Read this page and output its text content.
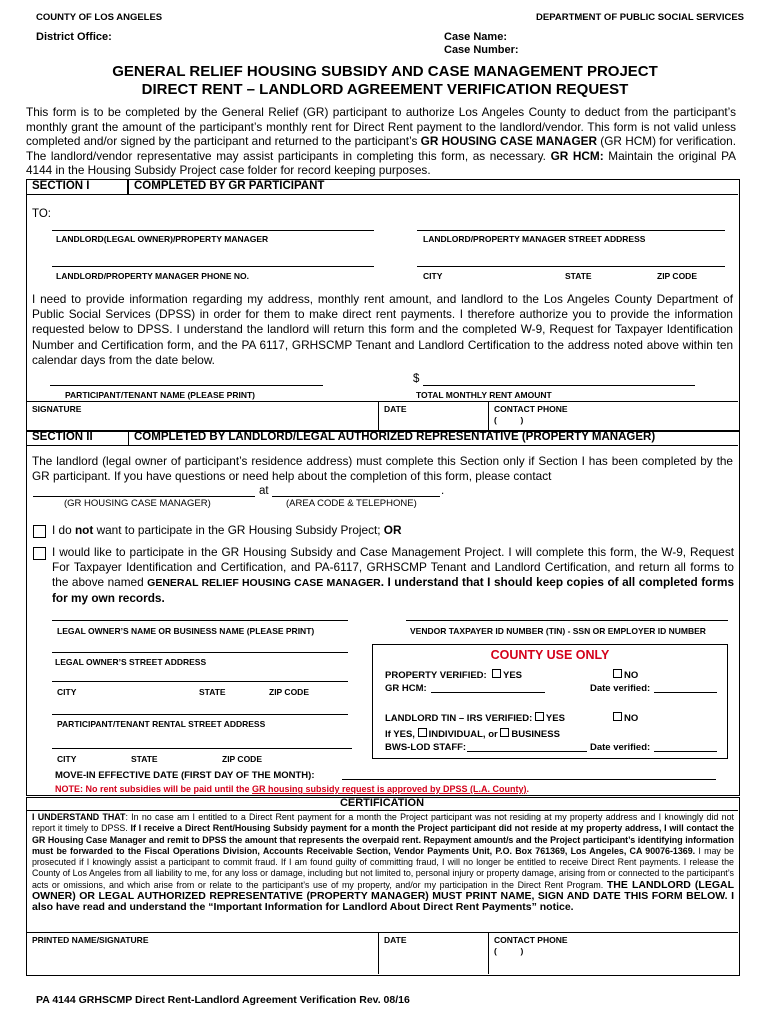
COUNTY OF LOS ANGELES	DEPARTMENT OF PUBLIC SOCIAL SERVICES
District Office:	Case Name:
Case Number:
GENERAL RELIEF HOUSING SUBSIDY AND CASE MANAGEMENT PROJECT
DIRECT RENT – LANDLORD AGREEMENT VERIFICATION REQUEST
This form is to be completed by the General Relief (GR) participant to authorize Los Angeles County to deduct from the participant’s monthly grant the amount of the participant’s monthly rent for Direct Rent payment to the landlord/vendor. This form is not valid unless completed and/or signed by the participant and returned to the participant’s GR HOUSING CASE MANAGER (GR HCM) for verification. The landlord/vendor representative may assist participants in completing this form, as necessary. GR HCM: Maintain the original PA 4144 in the Housing Subsidy Project case folder for record keeping purposes.
SECTION I	COMPLETED BY GR PARTICIPANT
TO:
LANDLORD(LEGAL OWNER)/PROPERTY MANAGER	LANDLORD/PROPERTY MANAGER STREET ADDRESS
LANDLORD/PROPERTY MANAGER PHONE NO.	CITY	STATE	ZIP CODE
I need to provide information regarding my address, monthly rent amount, and landlord to the Los Angeles County Department of Public Social Services (DPSS) in order for them to make direct rent payments. I therefore authorize you to provide the information requested below to DPSS. I understand the landlord will return this form and the completed W-9, Request for Taxpayer Identification Number and Certification form, and the PA 6117, GRHSCMP Tenant and Landlord Certification to the address noted above within ten calendar days from the date below.
$
PARTICIPANT/TENANT NAME (PLEASE PRINT)	TOTAL MONTHLY RENT AMOUNT
SIGNATURE	DATE	CONTACT PHONE
(          )
SECTION II	COMPLETED BY LANDLORD/LEGAL AUTHORIZED REPRESENTATIVE (PROPERTY MANAGER)
The landlord (legal owner of participant’s residence address) must complete this Section only if Section I has been completed by the GR participant. If you have questions or need help about the completion of this form, please contact
at	.
(GR HOUSING CASE MANAGER)	(AREA CODE & TELEPHONE)
I do not want to participate in the GR Housing Subsidy Project; OR
I would like to participate in the GR Housing Subsidy and Case Management Project. I will complete this form, the W-9, Request For Taxpayer Identification and Certification, and PA-6117, GRHSCMP Tenant and Landlord Certification, and return all forms to the above named GENERAL RELIEF HOUSING CASE MANAGER. I understand that I should keep copies of all completed forms for my own records.
LEGAL OWNER’S NAME OR BUSINESS NAME (PLEASE PRINT)	VENDOR TAXPAYER ID NUMBER (TIN) - SSN OR EMPLOYER ID NUMBER
LEGAL OWNER’S STREET ADDRESS
CITY	STATE	ZIP CODE
PARTICIPANT/TENANT RENTAL STREET ADDRESS
CITY	STATE	ZIP CODE
COUNTY USE ONLY
PROPERTY VERIFIED: YES	NO
GR HCM:	Date verified:
LANDLORD TIN – IRS VERIFIED: YES	NO
If YES, INDIVIDUAL, or BUSINESS
BWS-LOD STAFF:	Date verified:
MOVE-IN EFFECTIVE DATE (FIRST DAY OF THE MONTH):
NOTE: No rent subsidies will be paid until the GR housing subsidy request is approved by DPSS (L.A. County).
CERTIFICATION
I UNDERSTAND THAT: In no case am I entitled to a Direct Rent payment for a month the Project participant was not residing at my property address and I knowingly did not report it timely to DPSS. If I receive a Direct Rent/Housing Subsidy payment for a month the Project participant did not reside at my property address, I will contact the GR Housing Case Manager and remit to DPSS the amount that represents the overpaid rent. Repayment amount/s and the Project participant’s identifying information must be forwarded to the Fiscal Operations Division, Accounts Receivable Section, Vendor Payments Unit, P.O. Box 761369, Los Angeles, CA 90076-1369. I may be prosecuted if I knowingly assist a participant to commit fraud. If I am found guilty of committing fraud, I will no longer be entitled to receive Direct Rent payments. I release the County of Los Angeles from all liability to me, for any loss or damage, including but not limited to, personal injury or property damage, arising from or connected to the participant’s acts or omissions, and which arise from or relate to the participant’s use of my property, and/or my participation in the Direct Rent Program. THE LANDLORD (LEGAL OWNER) OR LEGAL AUTHORIZED REPRESENTATIVE (PROPERTY MANAGER) MUST PRINT NAME, SIGN AND DATE THIS FORM BELOW. I also have read and understand the “Important Information for Landlord About Direct Rent Payments” notice.
PRINTED NAME/SIGNATURE	DATE	CONTACT PHONE
(          )
PA 4144 GRHSCMP Direct Rent-Landlord Agreement Verification Rev. 08/16
